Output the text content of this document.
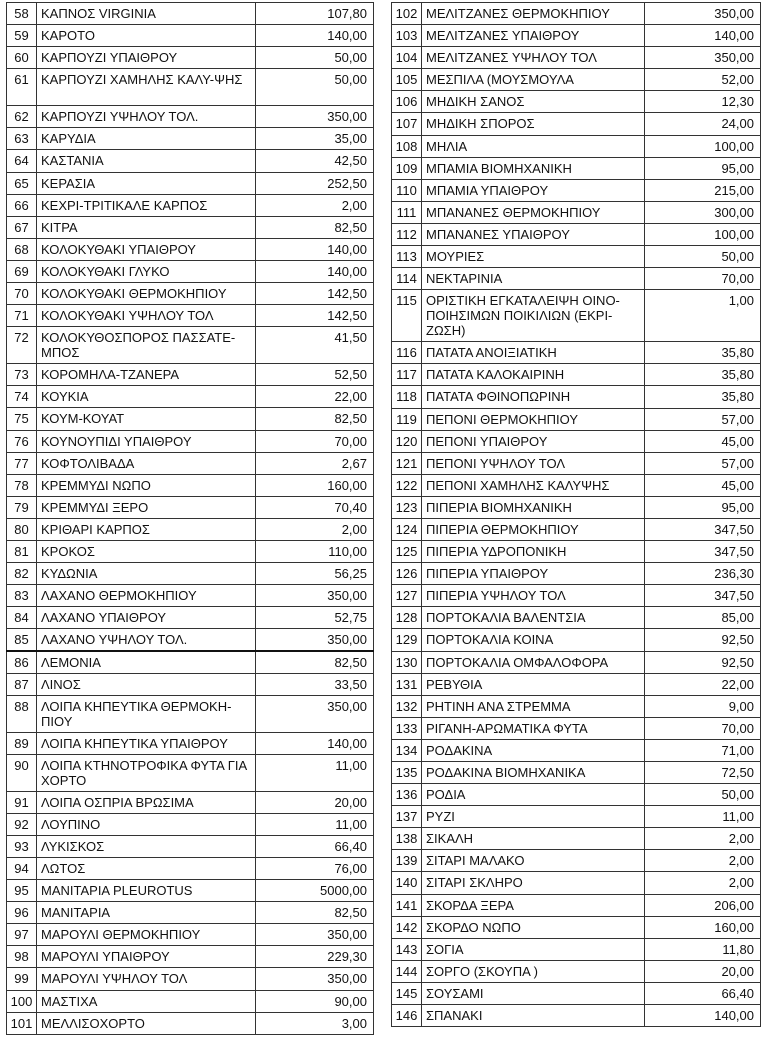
58	ΚΑΠΝΟΣ VIRGINIA	107,80
59	ΚΑΡΟΤΟ	140,00
60	ΚΑΡΠΟΥΖΙ ΥΠΑΙΘΡΟΥ	50,00
61	ΚΑΡΠΟΥΖΙ ΧΑΜΗΛΗΣ ΚΑΛΥ-ΨΗΣ	50,00
62	ΚΑΡΠΟΥΖΙ ΥΨΗΛΟΥ ΤΟΛ.	350,00
63	ΚΑΡΥΔΙΑ	35,00
64	ΚΑΣΤΑΝΙΑ	42,50
65	ΚΕΡΑΣΙΑ	252,50
66	ΚΕΧΡΙ-ΤΡΙΤΙΚΑΛΕ ΚΑΡΠΟΣ	2,00
67	ΚΙΤΡΑ	82,50
68	ΚΟΛΟΚΥΘΑΚΙ ΥΠΑΙΘΡΟΥ	140,00
69	ΚΟΛΟΚΥΘΑΚΙ ΓΛΥΚΟ	140,00
70	ΚΟΛΟΚΥΘΑΚΙ ΘΕΡΜΟΚΗΠΙΟΥ	142,50
71	ΚΟΛΟΚΥΘΑΚΙ ΥΨΗΛΟΥ ΤΟΛ	142,50
72	ΚΟΛΟΚΥΘΟΣΠΟΡΟΣ ΠΑΣΣΑΤΕ-ΜΠΟΣ	41,50
73	ΚΟΡΟΜΗΛΑ-ΤΖΑΝΕΡΑ	52,50
74	ΚΟΥΚΙΑ	22,00
75	ΚΟΥΜ-ΚΟΥΑΤ	82,50
76	ΚΟΥΝΟΥΠΙΔΙ ΥΠΑΙΘΡΟΥ	70,00
77	ΚΟΦΤΟΛΙΒΑΔΑ	2,67
78	ΚΡΕΜΜΥΔΙ ΝΩΠΟ	160,00
79	ΚΡΕΜΜΥΔΙ ΞΕΡΟ	70,40
80	ΚΡΙΘΑΡΙ ΚΑΡΠΟΣ	2,00
81	ΚΡΟΚΟΣ	110,00
82	ΚΥΔΩΝΙΑ	56,25
83	ΛΑΧΑΝΟ ΘΕΡΜΟΚΗΠΙΟΥ	350,00
84	ΛΑΧΑΝΟ ΥΠΑΙΘΡΟΥ	52,75
85	ΛΑΧΑΝΟ ΥΨΗΛΟΥ ΤΟΛ.	350,00
86	ΛΕΜΟΝΙΑ	82,50
87	ΛΙΝΟΣ	33,50
88	ΛΟΙΠΑ ΚΗΠΕΥΤΙΚΑ ΘΕΡΜΟΚΗ-ΠΙΟΥ	350,00
89	ΛΟΙΠΑ ΚΗΠΕΥΤΙΚΑ ΥΠΑΙΘΡΟΥ	140,00
90	ΛΟΙΠΑ ΚΤΗΝΟΤΡΟΦΙΚΑ ΦΥΤΑ ΓΙΑ ΧΟΡΤΟ	11,00
91	ΛΟΙΠΑ ΟΣΠΡΙΑ ΒΡΩΣΙΜΑ	20,00
92	ΛΟΥΠΙΝΟ	11,00
93	ΛΥΚΙΣΚΟΣ	66,40
94	ΛΩΤΟΣ	76,00
95	ΜΑΝΙΤΑΡΙΑ PLEUROTUS	5000,00
96	ΜΑΝΙΤΑΡΙΑ	82,50
97	ΜΑΡΟΥΛΙ ΘΕΡΜΟΚΗΠΙΟΥ	350,00
98	ΜΑΡΟΥΛΙ ΥΠΑΙΘΡΟΥ	229,30
99	ΜΑΡΟΥΛΙ ΥΨΗΛΟΥ ΤΟΛ	350,00
100	ΜΑΣΤΙΧΑ	90,00
101	ΜΕΛΛΙΣΟΧΟΡΤΟ	3,00
102	ΜΕΛΙΤΖΑΝΕΣ ΘΕΡΜΟΚΗΠΙΟΥ	350,00
103	ΜΕΛΙΤΖΑΝΕΣ ΥΠΑΙΘΡΟΥ	140,00
104	ΜΕΛΙΤΖΑΝΕΣ ΥΨΗΛΟΥ ΤΟΛ	350,00
105	ΜΕΣΠΙΛΑ (ΜΟΥΣΜΟΥΛΑ	52,00
106	ΜΗΔΙΚΗ ΣΑΝΟΣ	12,30
107	ΜΗΔΙΚΗ ΣΠΟΡΟΣ	24,00
108	ΜΗΛΙΑ	100,00
109	ΜΠΑΜΙΑ ΒΙΟΜΗΧΑΝΙΚΗ	95,00
110	ΜΠΑΜΙΑ ΥΠΑΙΘΡΟΥ	215,00
111	ΜΠΑΝΑΝΕΣ ΘΕΡΜΟΚΗΠΙΟΥ	300,00
112	ΜΠΑΝΑΝΕΣ ΥΠΑΙΘΡΟΥ	100,00
113	ΜΟΥΡΙΕΣ	50,00
114	ΝΕΚΤΑΡΙΝΙΑ	70,00
115	ΟΡΙΣΤΙΚΗ ΕΓΚΑΤΑΛΕΙΨΗ ΟΙΝΟ-ΠΟΙΗΣΙΜΩΝ ΠΟΙΚΙΛΙΩΝ (ΕΚΡΙ-ΖΩΣΗ)	1,00
116	ΠΑΤΑΤΑ ΑΝΟΙΞΙΑΤΙΚΗ	35,80
117	ΠΑΤΑΤΑ ΚΑΛΟΚΑΙΡΙΝΗ	35,80
118	ΠΑΤΑΤΑ ΦΘΙΝΟΠΩΡΙΝΗ	35,80
119	ΠΕΠΟΝΙ ΘΕΡΜΟΚΗΠΙΟΥ	57,00
120	ΠΕΠΟΝΙ ΥΠΑΙΘΡΟΥ	45,00
121	ΠΕΠΟΝΙ ΥΨΗΛΟΥ ΤΟΛ	57,00
122	ΠΕΠΟΝΙ ΧΑΜΗΛΗΣ ΚΑΛΥΨΗΣ	45,00
123	ΠΙΠΕΡΙΑ ΒΙΟΜΗΧΑΝΙΚΗ	95,00
124	ΠΙΠΕΡΙΑ ΘΕΡΜΟΚΗΠΙΟΥ	347,50
125	ΠΙΠΕΡΙΑ ΥΔΡΟΠΟΝΙΚΗ	347,50
126	ΠΙΠΕΡΙΑ ΥΠΑΙΘΡΟΥ	236,30
127	ΠΙΠΕΡΙΑ ΥΨΗΛΟΥ ΤΟΛ	347,50
128	ΠΟΡΤΟΚΑΛΙΑ ΒΑΛΕΝΤΣΙΑ	85,00
129	ΠΟΡΤΟΚΑΛΙΑ ΚΟΙΝΑ	92,50
130	ΠΟΡΤΟΚΑΛΙΑ ΟΜΦΑΛΟΦΟΡΑ	92,50
131	ΡΕΒΥΘΙΑ	22,00
132	ΡΗΤΙΝΗ ΑΝΑ ΣΤΡΕΜΜΑ	9,00
133	ΡΙΓΑΝΗ-ΑΡΩΜΑΤΙΚΑ ΦΥΤΑ	70,00
134	ΡΟΔΑΚΙΝΑ	71,00
135	ΡΟΔΑΚΙΝΑ ΒΙΟΜΗΧΑΝΙΚΑ	72,50
136	ΡΟΔΙΑ	50,00
137	ΡΥΖΙ	11,00
138	ΣΙΚΑΛΗ	2,00
139	ΣΙΤΑΡΙ ΜΑΛΑΚΟ	2,00
140	ΣΙΤΑΡΙ ΣΚΛΗΡΟ	2,00
141	ΣΚΟΡΔΑ ΞΕΡΑ	206,00
142	ΣΚΟΡΔΟ ΝΩΠΟ	160,00
143	ΣΟΓΙΑ	11,80
144	ΣΟΡΓΟ (ΣΚΟΥΠΑ )	20,00
145	ΣΟΥΣΑΜΙ	66,40
146	ΣΠΑΝΑΚΙ	140,00
